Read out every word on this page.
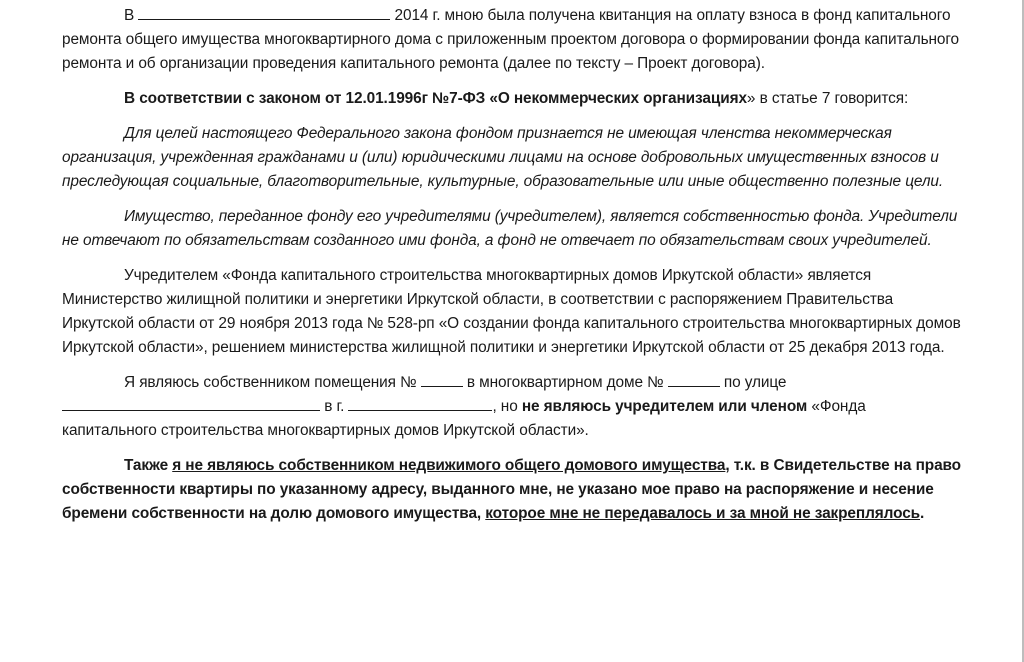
В	2014 г. мною была получена квитанция на оплату взноса в фонд капитального ремонта общего имущества многоквартирного дома с приложенным проектом договора о формировании фонда капитального ремонта и об организации проведения капитального ремонта (далее по тексту – Проект договора).

В соответствии с законом от 12.01.1996г №7-ФЗ «О некоммерческих организациях» в статье 7 говорится:

Для целей настоящего Федерального закона фондом признается не имеющая членства некоммерческая организация, учрежденная гражданами и (или) юридическими лицами на основе добровольных имущественных взносов и преследующая социальные, благотворительные, культурные, образовательные или иные общественно полезные цели.

Имущество, переданное фонду его учредителями (учредителем), является собственностью фонда. Учредители не отвечают по обязательствам созданного ими фонда, а фонд не отвечает по обязательствам своих учредителей.

Учредителем «Фонда капитального строительства многоквартирных домов Иркутской области» является Министерство жилищной политики и энергетики Иркутской области, в соответствии с распоряжением Правительства Иркутской области от 29 ноября 2013 года № 528-рп «О создании фонда капитального строительства многоквартирных домов Иркутской области», решением министерства жилищной политики и энергетики Иркутской области от 25 декабря 2013 года.

Я являюсь собственником помещения №	в многоквартирном доме №	по улице  в г.	, но не являюсь учредителем или членом «Фонда капитального строительства многоквартирных домов Иркутской области».

Также я не являюсь собственником недвижимого общего домового имущества, т.к. в Свидетельстве на право собственности квартиры по указанному адресу, выданного мне, не указано мое право на распоряжение и несение бремени собственности на долю домового имущества, которое мне не передавалось и за мной не закреплялось.
